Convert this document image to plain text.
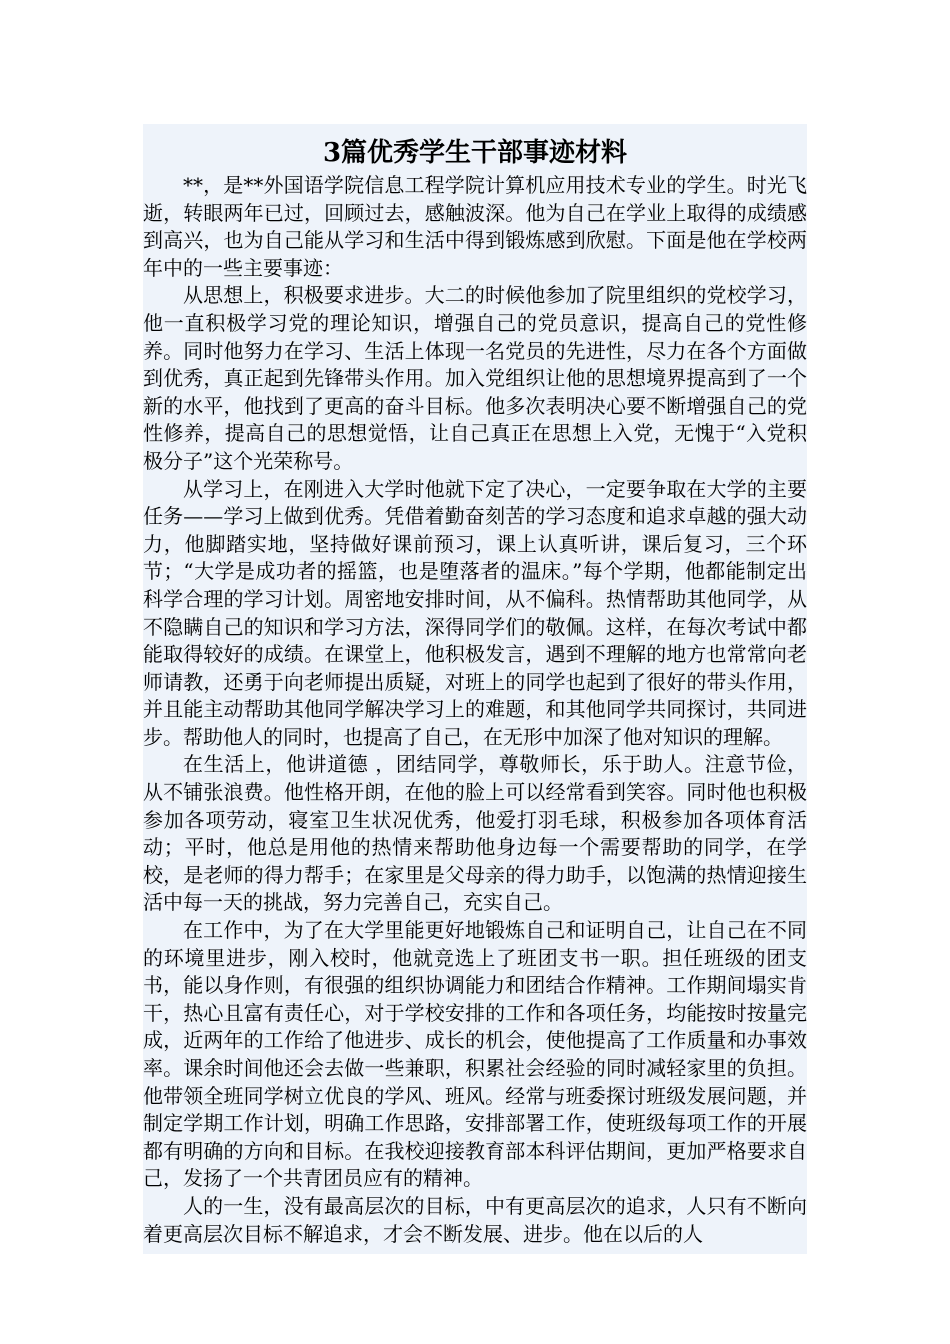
3篇优秀学生干部事迹材料

**，是**外国语学院信息工程学院计算机应用技术专业的学生。时光飞逝，转眼两年已过，回顾过去，感触波深。他为自己在学业上取得的成绩感到高兴，也为自己能从学习和生活中得到锻炼感到欣慰。下面是他在学校两年中的一些主要事迹：

从思想上，积极要求进步。大二的时候他参加了院里组织的党校学习，他一直积极学习党的理论知识，增强自己的党员意识，提高自己的党性修养。同时他努力在学习、生活上体现一名党员的先进性，尽力在各个方面做到优秀，真正起到先锋带头作用。加入党组织让他的思想境界提高到了一个新的水平，他找到了更高的奋斗目标。他多次表明决心要不断增强自己的党性修养，提高自己的思想觉悟，让自己真正在思想上入党，无愧于“入党积极分子”这个光荣称号。

从学习上，在刚进入大学时他就下定了决心，一定要争取在大学的主要任务——学习上做到优秀。凭借着勤奋刻苦的学习态度和追求卓越的强大动力，他脚踏实地，坚持做好课前预习，课上认真听讲，课后复习，三个环节；“大学是成功者的摇篮，也是堕落者的温床。”每个学期，他都能制定出科学合理的学习计划。周密地安排时间，从不偏科。热情帮助其他同学，从不隐瞒自己的知识和学习方法，深得同学们的敬佩。这样，在每次考试中都能取得较好的成绩。在课堂上，他积极发言，遇到不理解的地方也常常向老师请教，还勇于向老师提出质疑，对班上的同学也起到了很好的带头作用，并且能主动帮助其他同学解决学习上的难题，和其他同学共同探讨，共同进步。帮助他人的同时，也提高了自己，在无形中加深了他对知识的理解。

在生活上，他讲道德 ，团结同学，尊敬师长，乐于助人。注意节俭，从不铺张浪费。他性格开朗，在他的脸上可以经常看到笑容。同时他也积极参加各项劳动，寝室卫生状况优秀，他爱打羽毛球，积极参加各项体育活动；平时，他总是用他的热情来帮助他身边每一个需要帮助的同学，在学校，是老师的得力帮手；在家里是父母亲的得力助手，以饱满的热情迎接生活中每一天的挑战，努力完善自己，充实自己。

在工作中，为了在大学里能更好地锻炼自己和证明自己，让自己在不同的环境里进步，刚入校时，他就竞选上了班团支书一职。担任班级的团支书，能以身作则，有很强的组织协调能力和团结合作精神。工作期间塌实肯干，热心且富有责任心，对于学校安排的工作和各项任务，均能按时按量完成，近两年的工作给了他进步、成长的机会，使他提高了工作质量和办事效率。课余时间他还会去做一些兼职，积累社会经验的同时减轻家里的负担。他带领全班同学树立优良的学风、班风。经常与班委探讨班级发展问题，并制定学期工作计划，明确工作思路，安排部署工作，使班级每项工作的开展都有明确的方向和目标。在我校迎接教育部本科评估期间，更加严格要求自己，发扬了一个共青团员应有的精神。

人的一生，没有最高层次的目标，中有更高层次的追求，人只有不断向着更高层次目标不解追求，才会不断发展、进步。他在以后的人
